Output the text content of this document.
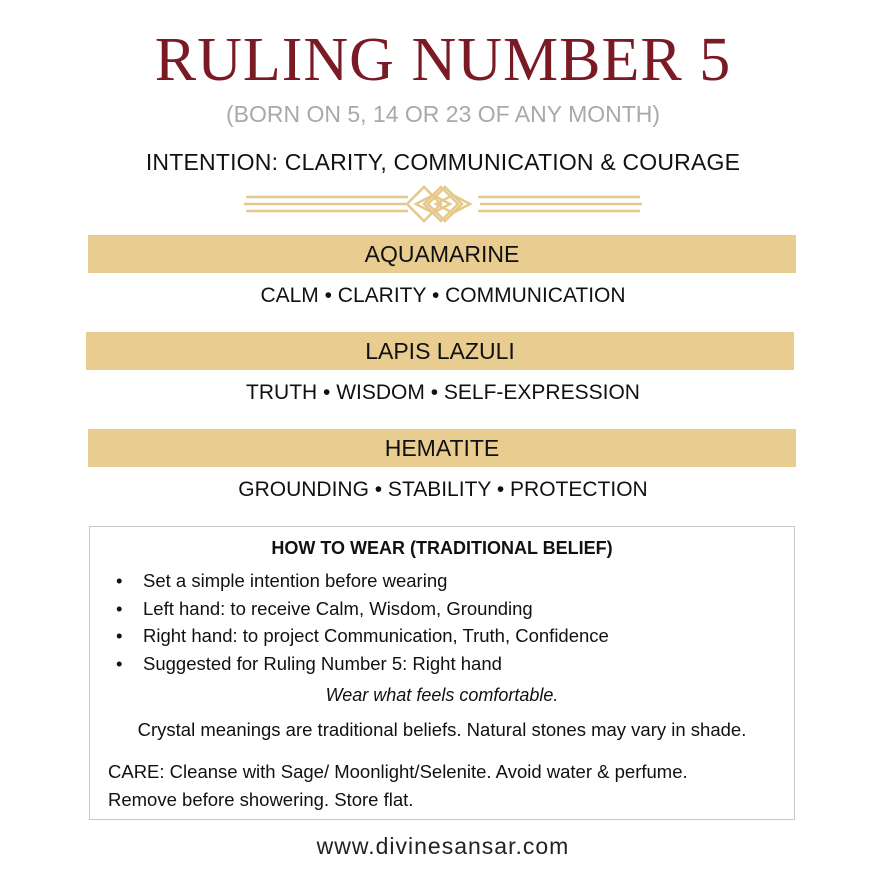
RULING NUMBER 5
(BORN ON 5, 14 OR 23 OF ANY MONTH)
INTENTION: CLARITY, COMMUNICATION & COURAGE
AQUAMARINE
CALM • CLARITY • COMMUNICATION
LAPIS LAZULI
TRUTH • WISDOM • SELF-EXPRESSION
HEMATITE
GROUNDING • STABILITY • PROTECTION
HOW TO WEAR (TRADITIONAL BELIEF)
• Set a simple intention before wearing
• Left hand: to receive Calm, Wisdom, Grounding
• Right hand: to project Communication, Truth, Confidence
• Suggested for Ruling Number 5: Right hand
Wear what feels comfortable.
Crystal meanings are traditional beliefs. Natural stones may vary in shade.
CARE: Cleanse with Sage/ Moonlight/Selenite. Avoid water & perfume.
Remove before showering. Store flat.
www.divinesansar.com
